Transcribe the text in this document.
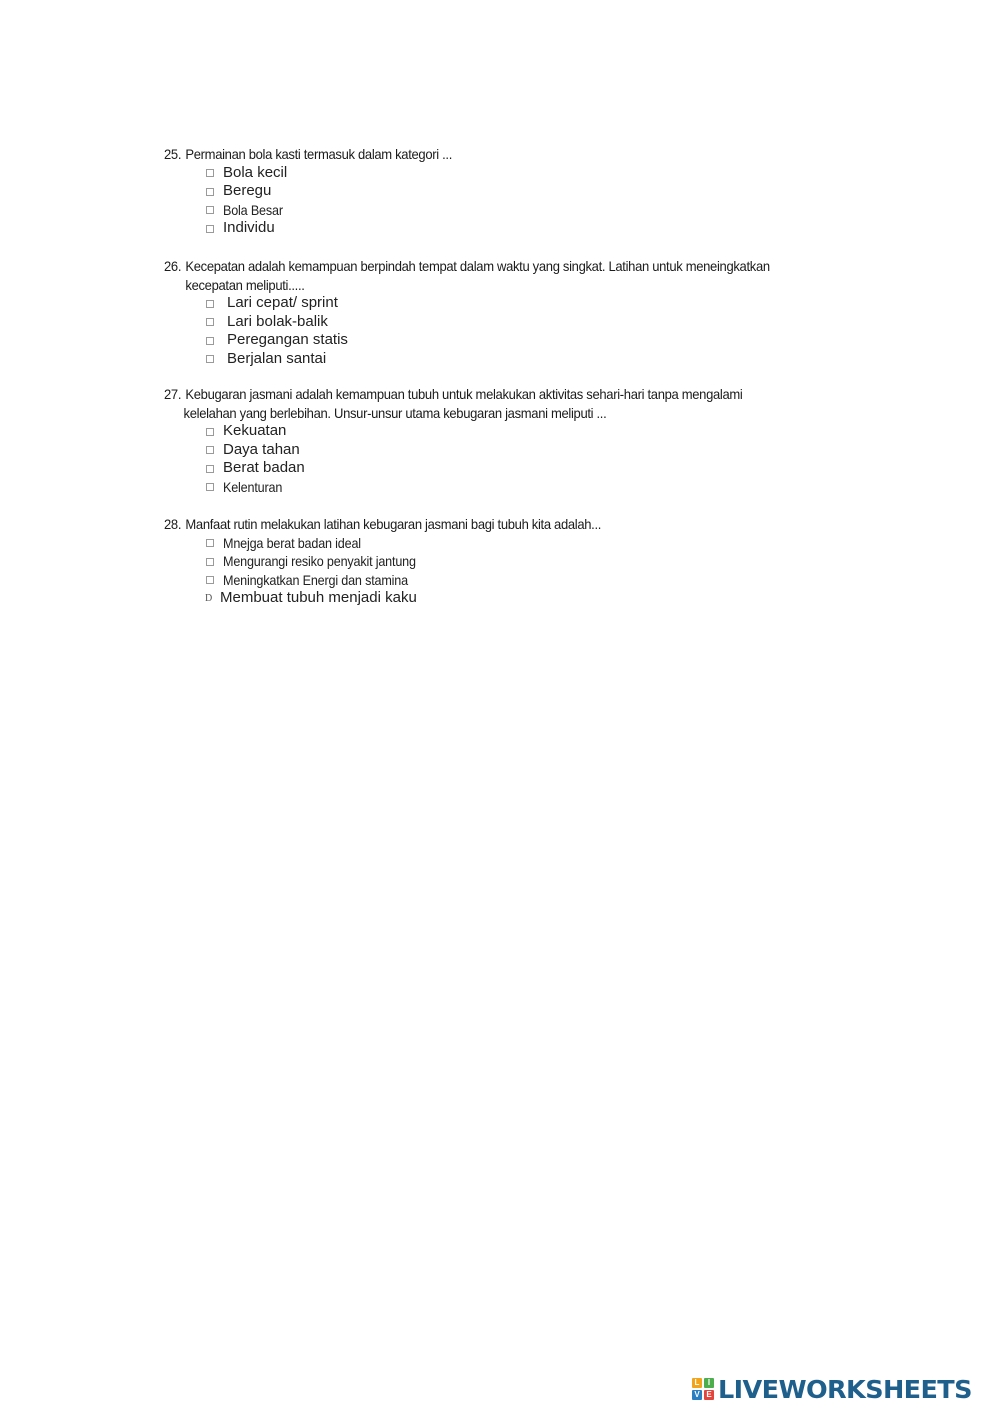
25. Permainan bola kasti termasuk dalam kategori ...
Bola kecil
Beregu
Bola Besar
Individu
26. Kecepatan adalah kemampuan berpindah tempat dalam waktu yang singkat. Latihan untuk meneingkatkan
kecepatan meliputi.....
Lari cepat/ sprint
Lari bolak-balik
Peregangan statis
Berjalan santai
27. Kebugaran jasmani adalah kemampuan tubuh untuk melakukan aktivitas sehari-hari tanpa mengalami
kelelahan yang berlebihan. Unsur-unsur utama kebugaran jasmani meliputi ...
Kekuatan
Daya tahan
Berat badan
Kelenturan
28. Manfaat rutin melakukan latihan kebugaran jasmani bagi tubuh kita adalah...
Mnejga berat badan ideal
Mengurangi resiko penyakit jantung
Meningkatkan Energi dan stamina
D Membuat tubuh menjadi kaku
L	I
V E LIVEWORKSHEETS
